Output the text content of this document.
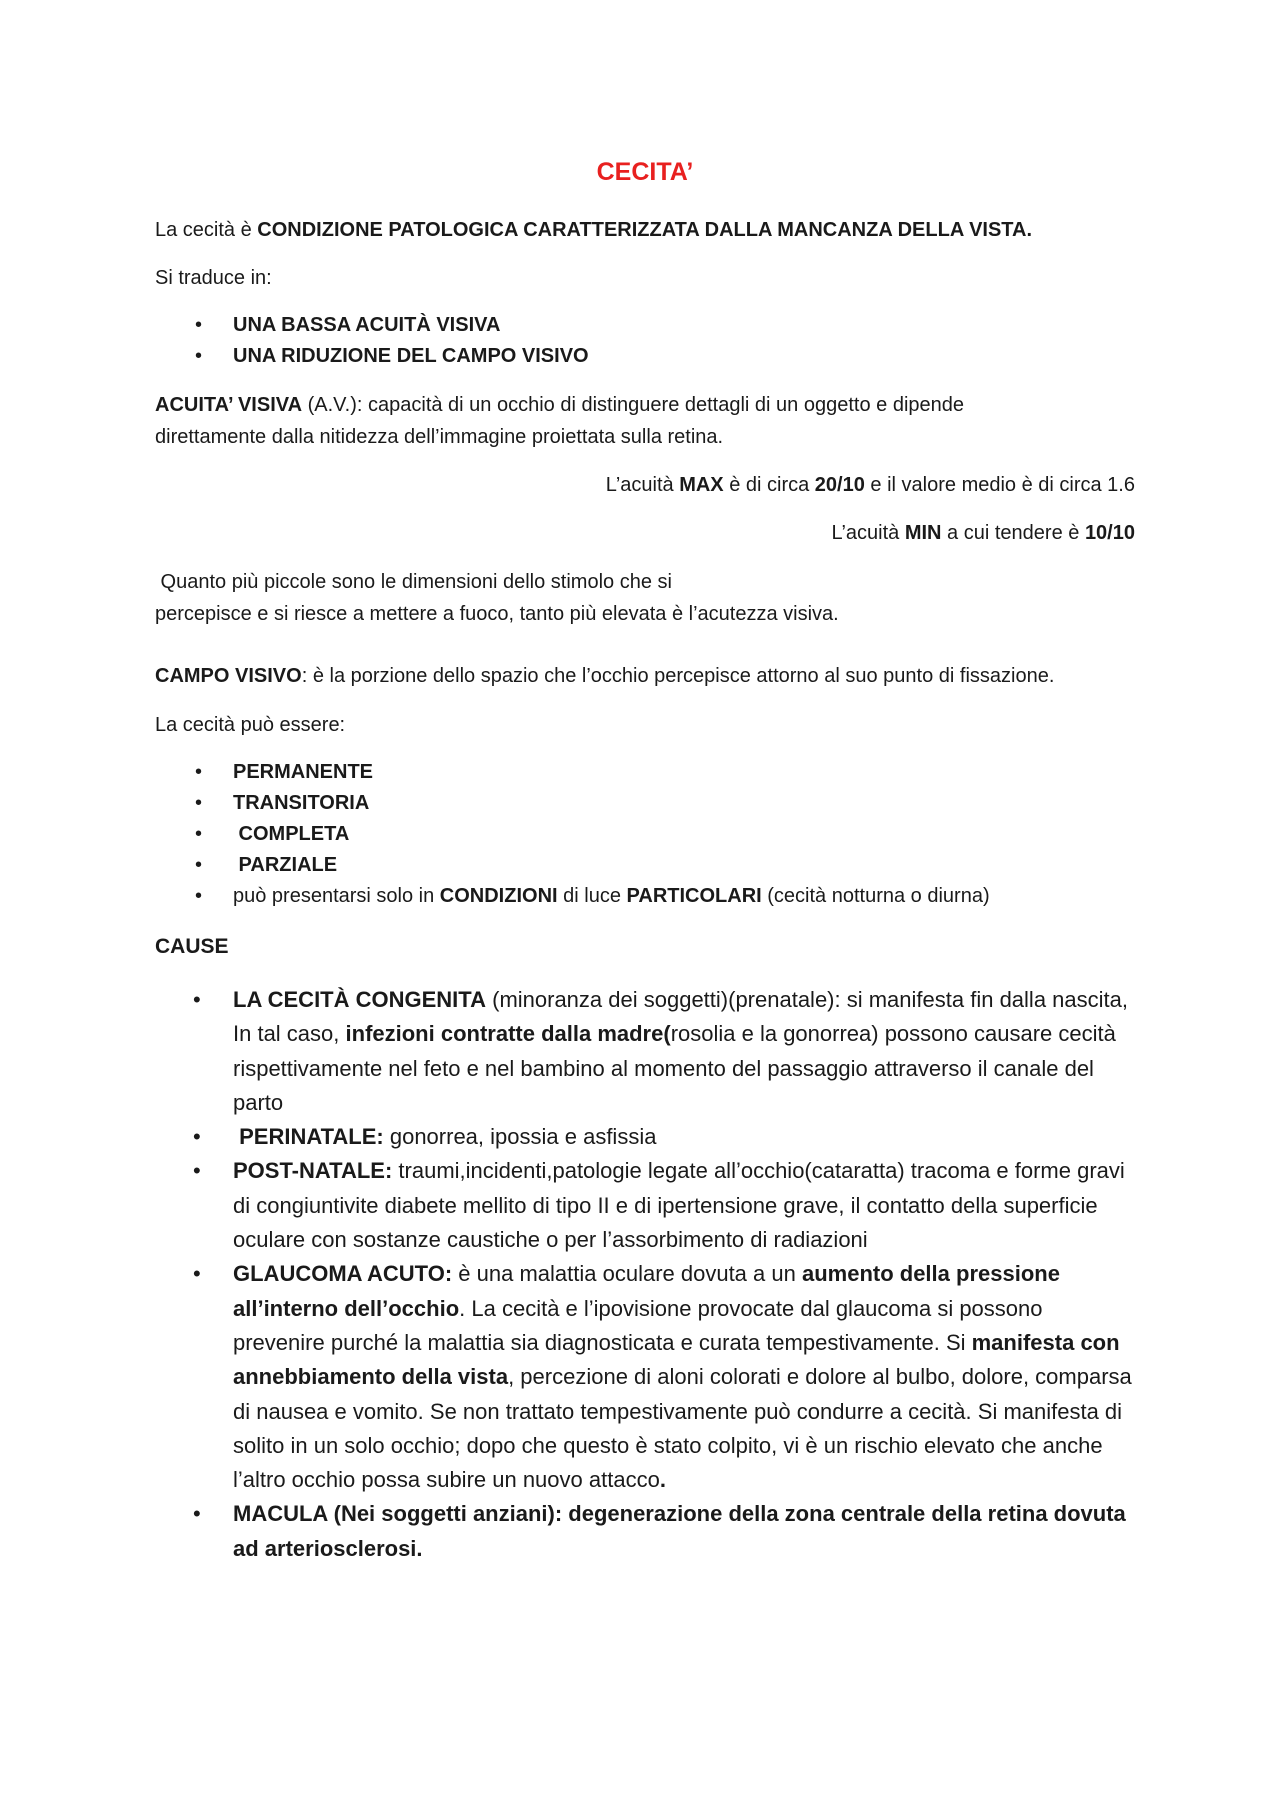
CECITA’

La cecità è CONDIZIONE PATOLOGICA CARATTERIZZATA DALLA MANCANZA DELLA VISTA.

Si traduce in:

• UNA BASSA ACUITÀ VISIVA
• UNA RIDUZIONE DEL CAMPO VISIVO

ACUITA’ VISIVA (A.V.): capacità di un occhio di distinguere dettagli di un oggetto e dipende
direttamente dalla nitidezza dell’immagine proiettata sulla retina.

L’acuità MAX è di circa 20/10 e il valore medio è di circa 1.6

L’acuità MIN a cui tendere è 10/10

Quanto più piccole sono le dimensioni dello stimolo che si
percepisce e si riesce a mettere a fuoco, tanto più elevata è l’acutezza visiva.

CAMPO VISIVO: è la porzione dello spazio che l’occhio percepisce attorno al suo punto di fissazione.

La cecità può essere:

• PERMANENTE
• TRANSITORIA
• COMPLETA
• PARZIALE
• può presentarsi solo in CONDIZIONI di luce PARTICOLARI (cecità notturna o diurna)

CAUSE

• LA CECITÀ CONGENITA (minoranza dei soggetti)(prenatale): si manifesta fin dalla nascita, In tal caso, infezioni contratte dalla madre(rosolia e la gonorrea) possono causare cecità rispettivamente nel feto e nel bambino al momento del passaggio attraverso il canale del parto
• PERINATALE: gonorrea, ipossia e asfissia
• POST-NATALE: traumi,incidenti,patologie legate all’occhio(cataratta) tracoma e forme gravi di congiuntivite diabete mellito di tipo II e di ipertensione grave, il contatto della superficie oculare con sostanze caustiche o per l’assorbimento di radiazioni
• GLAUCOMA ACUTO: è una malattia oculare dovuta a un aumento della pressione all’interno dell’occhio. La cecità e l’ipovisione provocate dal glaucoma si possono prevenire purché la malattia sia diagnosticata e curata tempestivamente. Si manifesta con annebbiamento della vista, percezione di aloni colorati e dolore al bulbo, dolore, comparsa di nausea e vomito. Se non trattato tempestivamente può condurre a cecità. Si manifesta di solito in un solo occhio; dopo che questo è stato colpito, vi è un rischio elevato che anche l’altro occhio possa subire un nuovo attacco.
• MACULA (Nei soggetti anziani): degenerazione della zona centrale della retina dovuta ad arteriosclerosi.
